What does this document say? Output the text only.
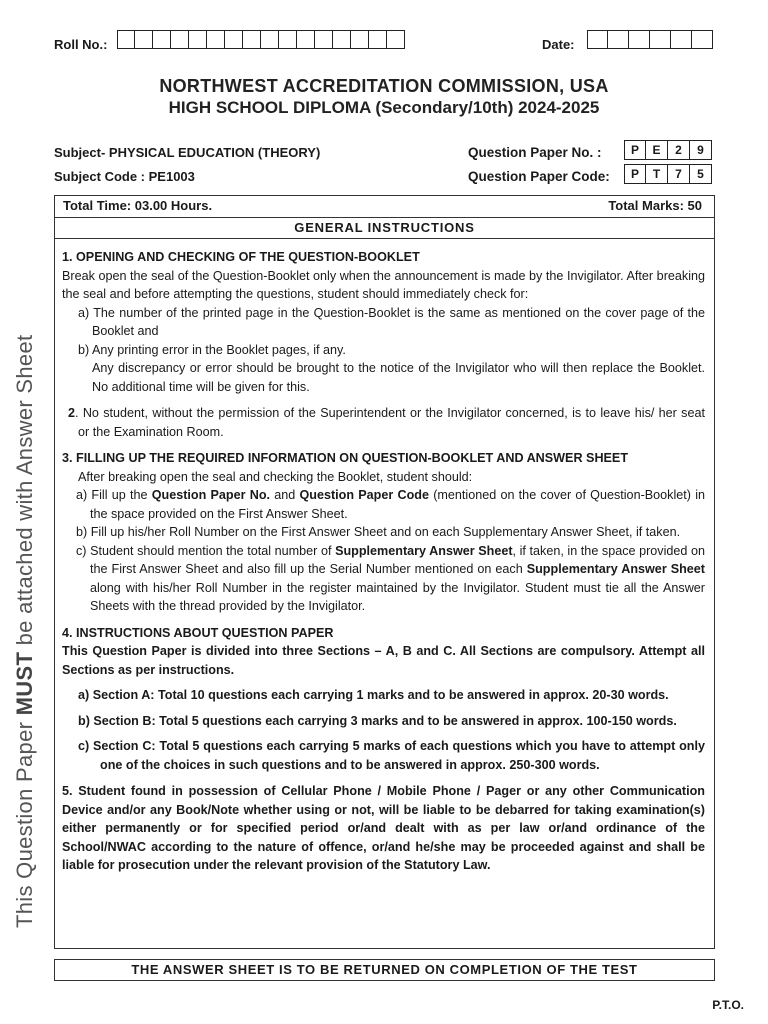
This Question Paper MUST be attached with Answer Sheet
Roll No.:	Date:
NORTHWEST ACCREDITATION COMMISSION, USA
HIGH SCHOOL DIPLOMA (Secondary/10th) 2024-2025
Subject- PHYSICAL EDUCATION (THEORY)
Subject Code : PE1003
Question Paper No. :	P	E	2	9
Question Paper Code:	P	T	7	5
Total Time: 03.00 Hours.	Total Marks: 50
GENERAL INSTRUCTIONS

1. OPENING AND CHECKING OF THE QUESTION-BOOKLET

Break open the seal of the Question-Booklet only when the announcement is made by the Invigilator. After breaking the seal and before attempting the questions, student should immediately check for:

a) The number of the printed page in the Question-Booklet is the same as mentioned on the cover page of the Booklet and

b) Any printing error in the Booklet pages, if any.

Any discrepancy or error should be brought to the notice of the Invigilator who will then replace the Booklet. No additional time will be given for this.

2. No student, without the permission of the Superintendent or the Invigilator concerned, is to leave his/ her seat or the Examination Room.

3. FILLING UP THE REQUIRED INFORMATION ON QUESTION-BOOKLET AND ANSWER SHEET

After breaking open the seal and checking the Booklet, student should:

a) Fill up the Question Paper No. and Question Paper Code (mentioned on the cover of Question-Booklet) in the space provided on the First Answer Sheet.

b) Fill up his/her Roll Number on the First Answer Sheet and on each Supplementary Answer Sheet, if taken.

c) Student should mention the total number of Supplementary Answer Sheet, if taken, in the space provided on the First Answer Sheet and also fill up the Serial Number mentioned on each Supplementary Answer Sheet along with his/her Roll Number in the register maintained by the Invigilator. Student must tie all the Answer Sheets with the thread provided by the Invigilator.

4. INSTRUCTIONS ABOUT QUESTION PAPER

This Question Paper is divided into three Sections – A, B and C. All Sections are compulsory. Attempt all Sections as per instructions.

a) Section A: Total 10 questions each carrying 1 marks and to be answered in approx. 20-30 words.

b) Section B: Total 5 questions each carrying 3 marks and to be answered in approx. 100-150 words.

c) Section C: Total 5 questions each carrying 5 marks of each questions which you have to attempt only one of the choices in such questions and to be answered in approx. 250-300 words.

5. Student found in possession of Cellular Phone / Mobile Phone / Pager or any other Communication Device and/or any Book/Note whether using or not, will be liable to be debarred for taking examination(s) either permanently or for specified period or/and dealt with as per law or/and ordinance of the School/NWAC according to the nature of offence, or/and he/she may be proceeded against and shall be liable for prosecution under the relevant provision of the Statutory Law.

THE ANSWER SHEET IS TO BE RETURNED ON COMPLETION OF THE TEST
P.T.O.
